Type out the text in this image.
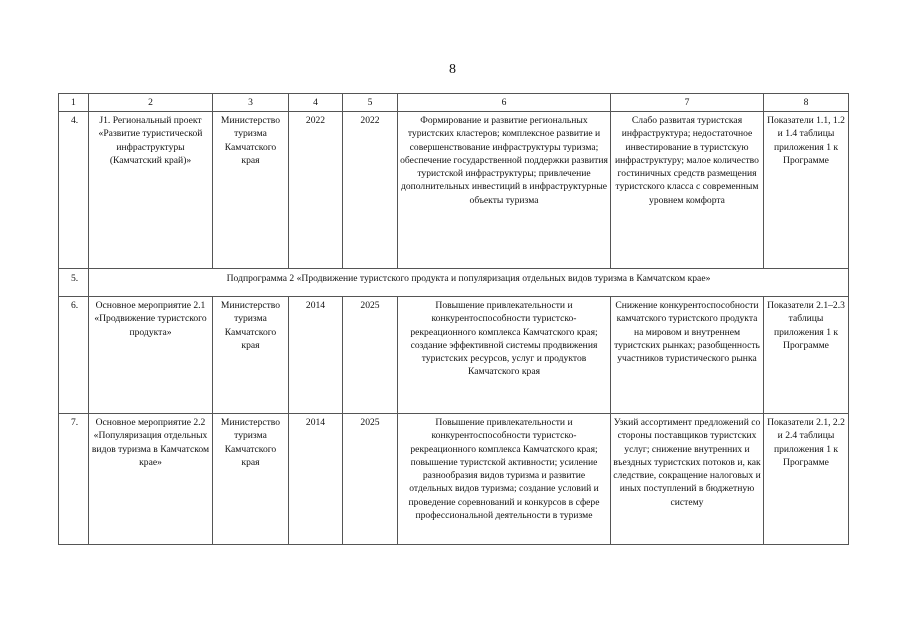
8
1	2	3	4	5	6	7	8
4.	J1. Региональный проект «Развитие туристической инфраструктуры (Камчатский край)»	Министерство туризма Камчатского края	2022	2022	Формирование и развитие региональных туристских кластеров; комплексное развитие и совершенствование инфраструктуры туризма; обеспечение государственной поддержки развития туристской инфраструктуры; привлечение дополнительных инвестиций в инфраструктурные объекты туризма	Слабо развитая туристская инфраструктура; недостаточное инвестирование в туристскую инфраструктуру; малое количество гостиничных средств размещения туристского класса с современным уровнем комфорта	Показатели 1.1, 1.2 и 1.4 таблицы приложения 1 к Программе
5.	Подпрограмма 2 «Продвижение туристского продукта и популяризация отдельных видов туризма в Камчатском крае»						
6.	Основное мероприятие 2.1 «Продвижение туристского продукта»	Министерство туризма Камчатского края	2014	2025	Повышение привлекательности и конкурентоспособности туристско-рекреационного комплекса Камчатского края; создание эффективной системы продвижения туристских ресурсов, услуг и продуктов Камчатского края	Снижение конкурентоспособности камчатского туристского продукта на мировом и внутреннем туристских рынках; разобщенность участников туристического рынка	Показатели 2.1–2.3 таблицы приложения 1 к Программе
7.	Основное мероприятие 2.2 «Популяризация отдельных видов туризма в Камчатском крае»	Министерство туризма Камчатского края	2014	2025	Повышение привлекательности и конкурентоспособности туристско-рекреационного комплекса Камчатского края; повышение туристской активности; усиление разнообразия видов туризма и развитие отдельных видов туризма; создание условий и проведение соревнований и конкурсов в сфере профессиональной деятельности в туризме	Узкий ассортимент предложений со стороны поставщиков туристских услуг; снижение внутренних и въездных туристских потоков и, как следствие, сокращение налоговых и иных поступлений в бюджетную систему	Показатели 2.1, 2.2 и 2.4 таблицы приложения 1 к Программе
